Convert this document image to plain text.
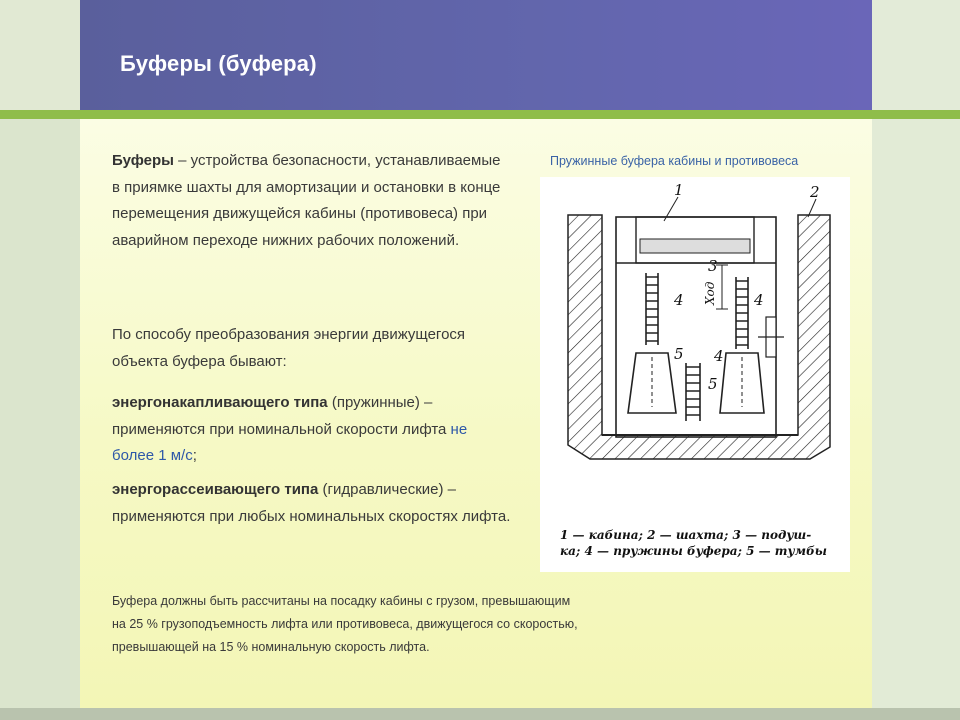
Буферы (буфера)
Буферы – устройства безопасности, устанавливаемые в приямке шахты для амортизации и остановки в конце перемещения движущейся кабины (противовеса) при аварийном переходе нижних рабочих положений.
По способу преобразования энергии движущегося объекта буфера бывают:
энергонакапливающего типа (пружинные) – применяются при номинальной скорости лифта не более 1 м/с;
энергорассеивающего типа (гидравлические) – применяются при любых номинальных скоростях лифта.
Буфера должны быть рассчитаны на посадку кабины с грузом, превышающим на 25 % грузоподъемность лифта или противовеса, движущегося со скоростью, превышающей на 15 % номинальную скорость лифта.
Пружинные буфера кабины и противовеса
1	2
3
4	4
5
5
4
Ход
1 — кабина; 2 — шахта; 3 — подуш-
ка; 4 — пружины буфера; 5 — тумбы
